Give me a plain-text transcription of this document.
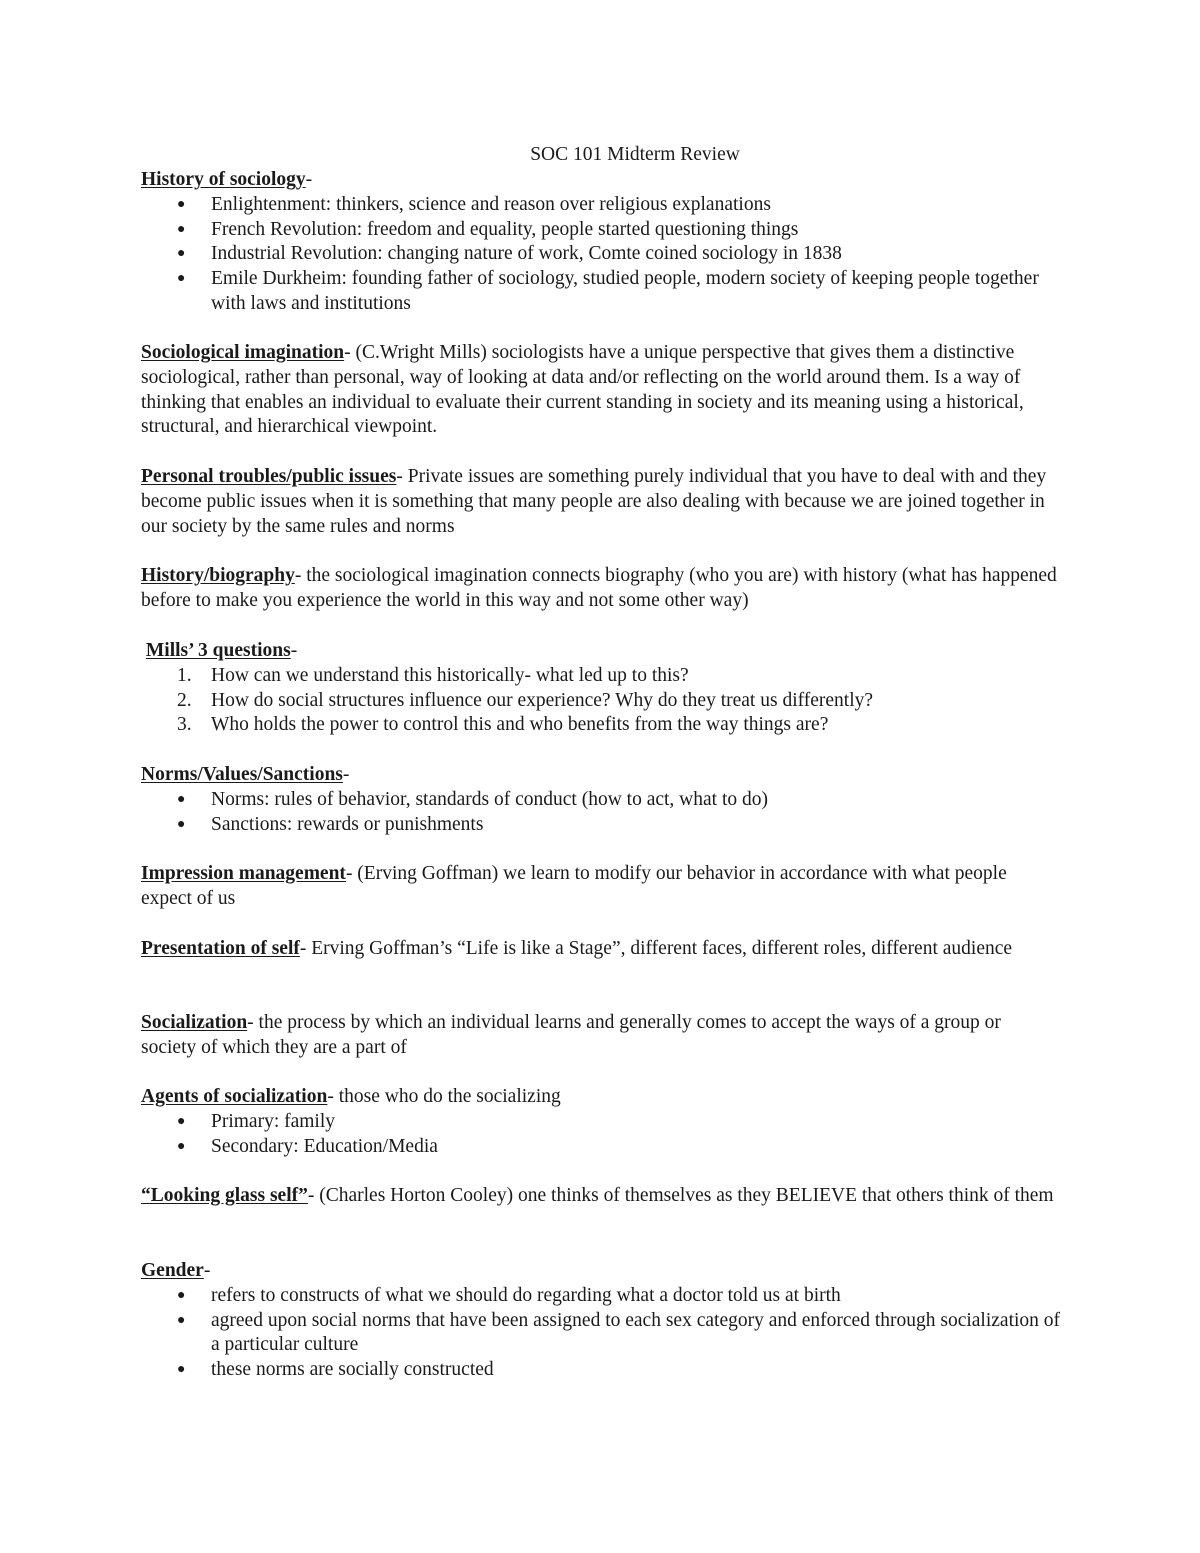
SOC 101 Midterm Review

History of sociology-

●	Enlightenment: thinkers, science and reason over religious explanations
●	French Revolution: freedom and equality, people started questioning things
●	Industrial Revolution: changing nature of work, Comte coined sociology in 1838
●	Emile Durkheim: founding father of sociology, studied people, modern society of keeping people together with laws and institutions

Sociological imagination- (C.Wright Mills) sociologists have a unique perspective that gives them a distinctive sociological, rather than personal, way of looking at data and/or reflecting on the world around them. Is a way of thinking that enables an individual to evaluate their current standing in society and its meaning using a historical, structural, and hierarchical viewpoint.

Personal troubles/public issues- Private issues are something purely individual that you have to deal with and they become public issues when it is something that many people are also dealing with because we are joined together in our society by the same rules and norms

History/biography- the sociological imagination connects biography (who you are) with history (what has happened before to make you experience the world in this way and not some other way)

Mills’ 3 questions-

1. How can we understand this historically- what led up to this?
2. How do social structures influence our experience? Why do they treat us differently?
3. Who holds the power to control this and who benefits from the way things are?

Norms/Values/Sanctions-

●	Norms: rules of behavior, standards of conduct (how to act, what to do)
●	Sanctions: rewards or punishments

Impression management- (Erving Goffman) we learn to modify our behavior in accordance with what people expect of us

Presentation of self- Erving Goffman’s “Life is like a Stage”, different faces, different roles, different audience

Socialization- the process by which an individual learns and generally comes to accept the ways of a group or society of which they are a part of

Agents of socialization- those who do the socializing

●	Primary: family
●	Secondary: Education/Media

“Looking glass self”- (Charles Horton Cooley) one thinks of themselves as they BELIEVE that others think of them

Gender-

●	refers to constructs of what we should do regarding what a doctor told us at birth
●	agreed upon social norms that have been assigned to each sex category and enforced through socialization of a particular culture
●	these norms are socially constructed
